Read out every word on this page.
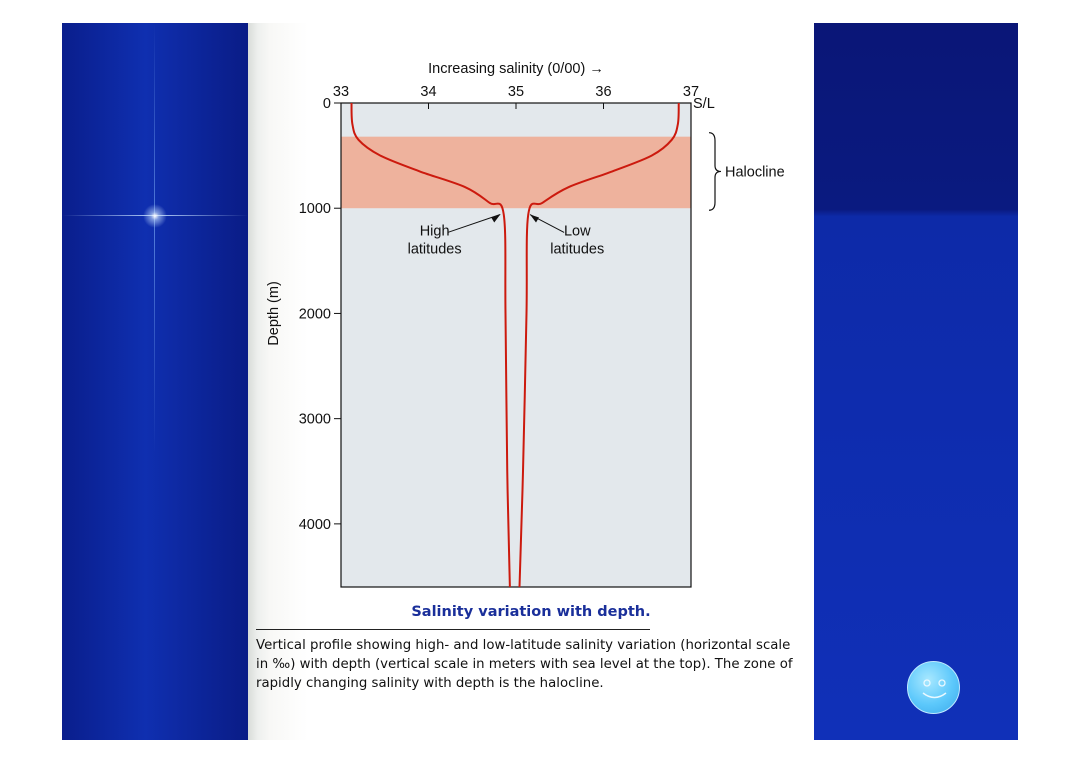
33	34	35	36	37
0
1000
2000
3000
4000
High
latitudes
Low
latitudes
Halocline
Increasing salinity (0/00) →
S/L
Depth (m)
Salinity variation with depth.
Vertical profile showing high- and low-latitude salinity variation (horizontal scale in ‰) with depth (vertical scale in meters with sea level at the top). The zone of rapidly changing salinity with depth is the halocline.
